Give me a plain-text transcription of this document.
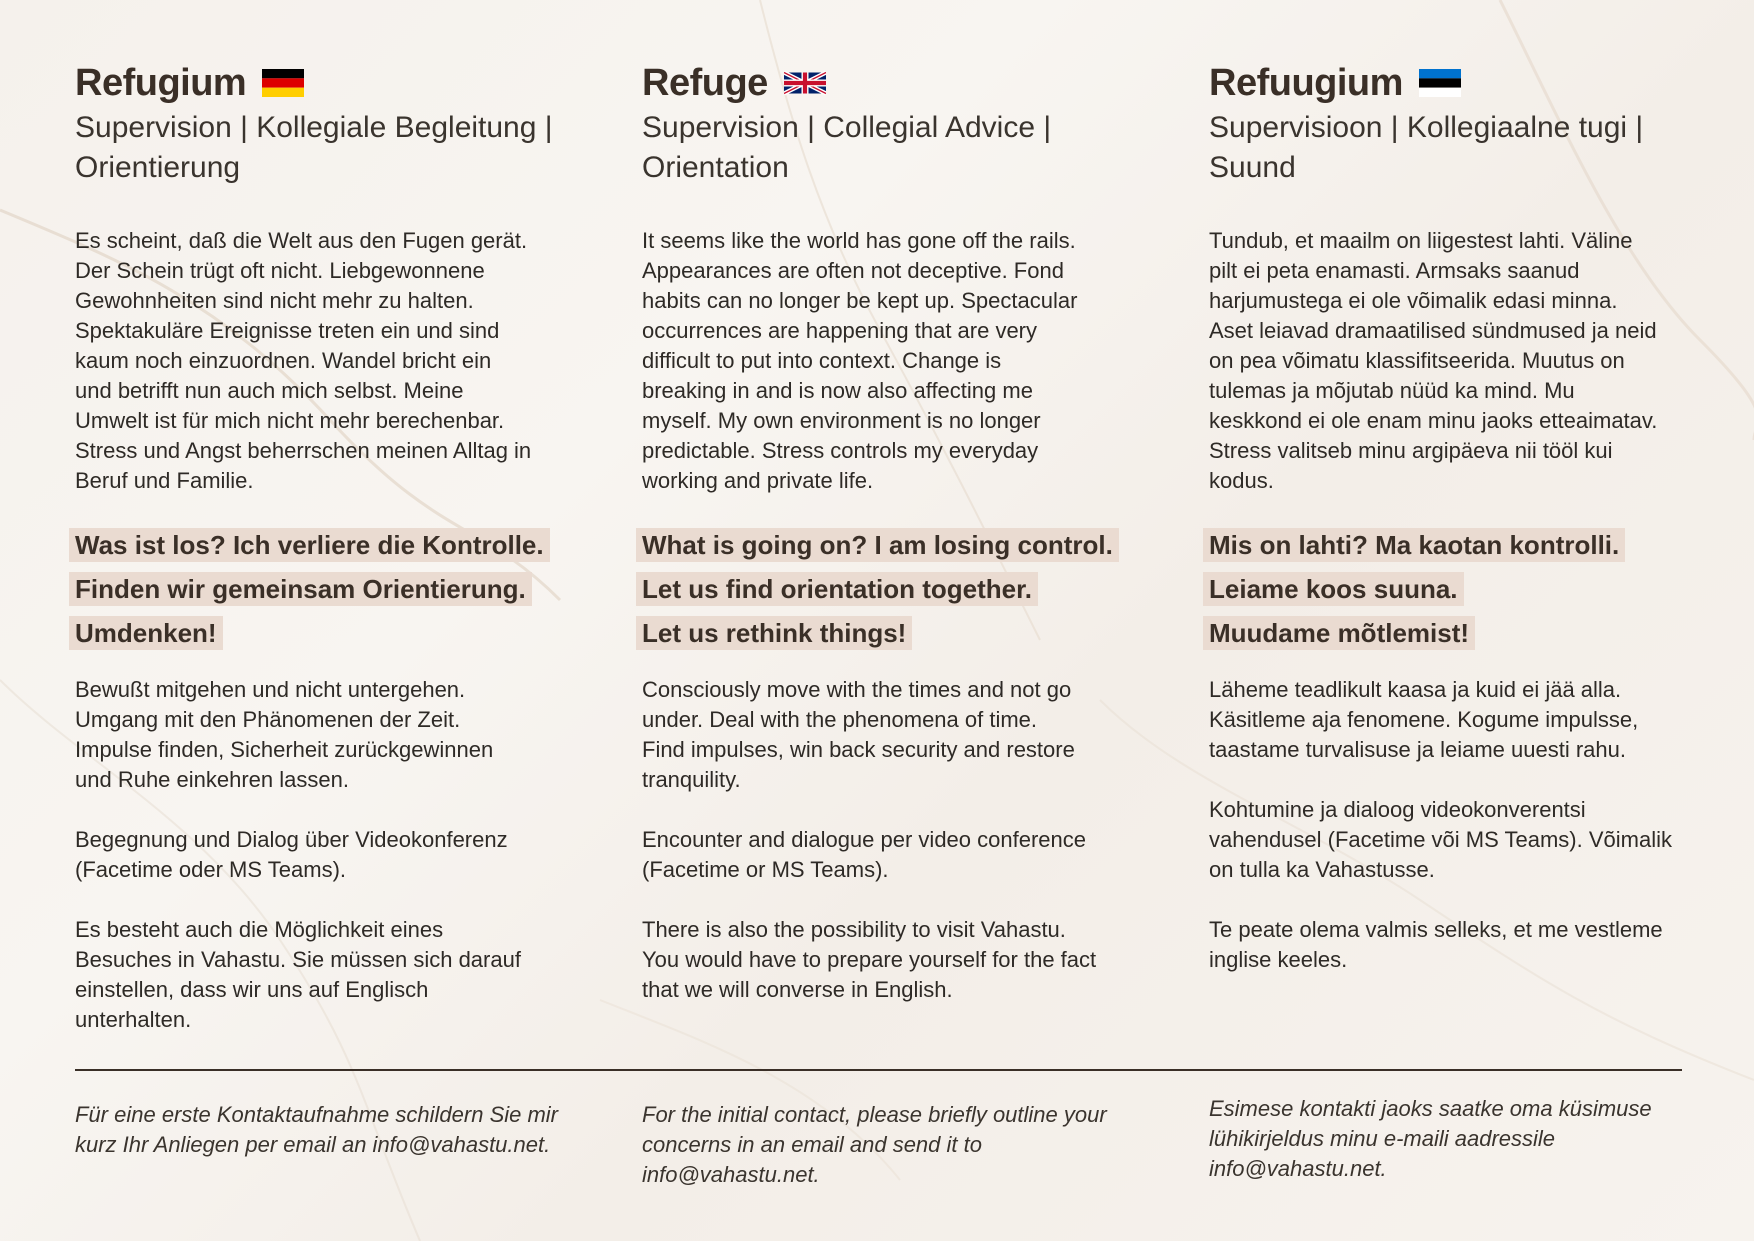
Refugium
Supervision | Kollegiale Begleitung | Orientierung
Es scheint, daß die Welt aus den Fugen gerät.
Der Schein trügt oft nicht. Liebgewonnene
Gewohnheiten sind nicht mehr zu halten.
Spektakuläre Ereignisse treten ein und sind
kaum noch einzuordnen. Wandel bricht ein
und betrifft nun auch mich selbst. Meine
Umwelt ist für mich nicht mehr berechenbar.
Stress und Angst beherrschen meinen Alltag in
Beruf und Familie.
Was ist los? Ich verliere die Kontrolle.
Finden wir gemeinsam Orientierung.
Umdenken!
Bewußt mitgehen und nicht untergehen.
Umgang mit den Phänomenen der Zeit.
Impulse finden, Sicherheit zurückgewinnen
und Ruhe einkehren lassen.
Begegnung und Dialog über Videokonferenz
(Facetime oder MS Teams).
Es besteht auch die Möglichkeit eines
Besuches in Vahastu. Sie müssen sich darauf
einstellen, dass wir uns auf Englisch
unterhalten.
Refuge
Supervision | Collegial Advice | Orientation
It seems like the world has gone off the rails.
Appearances are often not deceptive. Fond
habits can no longer be kept up. Spectacular
occurrences are happening that are very
difficult to put into context. Change is
breaking in and is now also affecting me
myself. My own environment is no longer
predictable. Stress controls my everyday
working and private life.
What is going on? I am losing control.
Let us find orientation together.
Let us rethink things!
Consciously move with the times and not go
under. Deal with the phenomena of time.
Find impulses, win back security and restore
tranquility.
Encounter and dialogue per video conference
(Facetime or MS Teams).
There is also the possibility to visit Vahastu.
You would have to prepare yourself for the fact
that we will converse in English.
Refuugium
Supervisioon | Kollegiaalne tugi | Suund
Tundub, et maailm on liigestest lahti. Väline
pilt ei peta enamasti. Armsaks saanud
harjumustega ei ole võimalik edasi minna.
Aset leiavad dramaatilised sündmused ja neid
on pea võimatu klassifitseerida. Muutus on
tulemas ja mõjutab nüüd ka mind. Mu
keskkond ei ole enam minu jaoks etteaimatav.
Stress valitseb minu argipäeva nii tööl kui
kodus.
Mis on lahti? Ma kaotan kontrolli.
Leiame koos suuna.
Muudame mõtlemist!
Läheme teadlikult kaasa ja kuid ei jää alla.
Käsitleme aja fenomene. Kogume impulsse,
taastame turvalisuse ja leiame uuesti rahu.
Kohtumine ja dialoog videokonverentsi
vahendusel (Facetime või MS Teams). Võimalik
on tulla ka Vahastusse.
Te peate olema valmis selleks, et me vestleme
inglise keeles.
Für eine erste Kontaktaufnahme schildern Sie mir
kurz Ihr Anliegen per email an info@vahastu.net.
For the initial contact, please briefly outline your
concerns in an email and send it to
info@vahastu.net.
Esimese kontakti jaoks saatke oma küsimuse
lühikirjeldus minu e-maili aadressile
info@vahastu.net.
